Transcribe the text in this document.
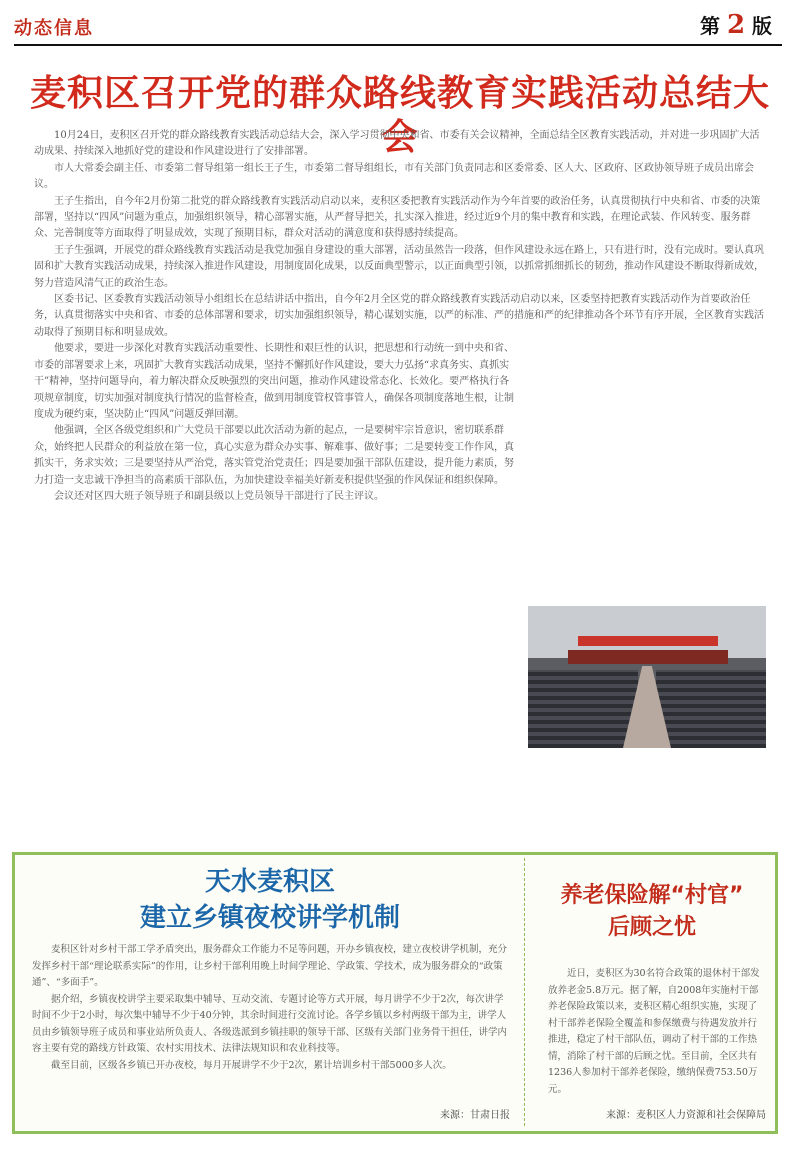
动态信息	第 2 版
麦积区召开党的群众路线教育实践活动总结大会

10月24日，麦积区召开党的群众路线教育实践活动总结大会，深入学习贯彻中央和省、市委有关会议精神，全面总结全区教育实践活动，并对进一步巩固扩大活动成果、持续深入地抓好党的建设和作风建设进行了安排部署。

市人大常委会副主任、市委第二督导组第一组长王子生，市委第二督导组组长，市有关部门负责同志和区委常委、区人大、区政府、区政协领导班子成员出席会议。

王子生指出，自今年2月份第二批党的群众路线教育实践活动启动以来，麦积区委把教育实践活动作为今年首要的政治任务，认真贯彻执行中央和省、市委的决策部署，坚持以“四风”问题为重点，加强组织领导，精心部署实施，从严督导把关，扎实深入推进，经过近9个月的集中教育和实践，在理论武装、作风转变、服务群众、完善制度等方面取得了明显成效，实现了预期目标，群众对活动的满意度和获得感持续提高。

王子生强调，开展党的群众路线教育实践活动是我党加强自身建设的重大部署，活动虽然告一段落，但作风建设永远在路上，只有进行时，没有完成时。要认真巩固和扩大教育实践活动成果，持续深入推进作风建设，用制度固化成果，以反面典型警示，以正面典型引领，以抓常抓细抓长的韧劲，推动作风建设不断取得新成效，努力营造风清气正的政治生态。

区委书记、区委教育实践活动领导小组组长在总结讲话中指出，自今年2月全区党的群众路线教育实践活动启动以来，区委坚持把教育实践活动作为首要政治任务，认真贯彻落实中央和省、市委的总体部署和要求，切实加强组织领导，精心谋划实施，以严的标准、严的措施和严的纪律推动各个环节有序开展，全区教育实践活动取得了预期目标和明显成效。

他要求，要进一步深化对教育实践活动重要性、长期性和艰巨性的认识，把思想和行动统一到中央和省、市委的部署要求上来，巩固扩大教育实践活动成果，坚持不懈抓好作风建设，要大力弘扬“求真务实、真抓实干”精神，坚持问题导向，着力解决群众反映强烈的突出问题，推动作风建设常态化、长效化。要严格执行各项规章制度，切实加强对制度执行情况的监督检查，做到用制度管权管事管人，确保各项制度落地生根，让制度成为硬约束，坚决防止“四风”问题反弹回潮。

他强调，全区各级党组织和广大党员干部要以此次活动为新的起点，一是要树牢宗旨意识，密切联系群众，始终把人民群众的利益放在第一位，真心实意为群众办实事、解难事、做好事；二是要转变工作作风，真抓实干，务求实效；三是要坚持从严治党，落实管党治党责任；四是要加强干部队伍建设，提升能力素质，努力打造一支忠诚干净担当的高素质干部队伍，为加快建设幸福美好新麦积提供坚强的作风保证和组织保障。

会议还对区四大班子领导班子和副县级以上党员领导干部进行了民主评议。

天水麦积区
建立乡镇夜校讲学机制

麦积区针对乡村干部工学矛盾突出，服务群众工作能力不足等问题，开办乡镇夜校，建立夜校讲学机制，充分发挥乡村干部“理论联系实际”的作用，让乡村干部利用晚上时间学理论、学政策、学技术，成为服务群众的“政策通”、“多面手”。

据介绍，乡镇夜校讲学主要采取集中辅导、互动交流、专题讨论等方式开展，每月讲学不少于2次，每次讲学时间不少于2小时，每次集中辅导不少于40分钟，其余时间进行交流讨论。各学乡镇以乡村两级干部为主，讲学人员由乡镇领导班子成员和事业站所负责人、各级选派到乡镇挂职的领导干部、区级有关部门业务骨干担任，讲学内容主要有党的路线方针政策、农村实用技术、法律法规知识和农业科技等。

截至目前，区级各乡镇已开办夜校，每月开展讲学不少于2次，累计培训乡村干部5000多人次。

来源：甘肃日报
养老保险解“村官”
后顾之忧

近日，麦积区为30名符合政策的退休村干部发放养老金5.8万元。据了解，自2008年实施村干部养老保险政策以来，麦积区精心组织实施，实现了村干部养老保险全覆盖和参保缴费与待遇发放并行推进，稳定了村干部队伍，调动了村干部的工作热情，消除了村干部的后顾之忧。至目前，全区共有1236人参加村干部养老保险，缴纳保费753.50万元。

来源：麦积区人力资源和社会保障局
